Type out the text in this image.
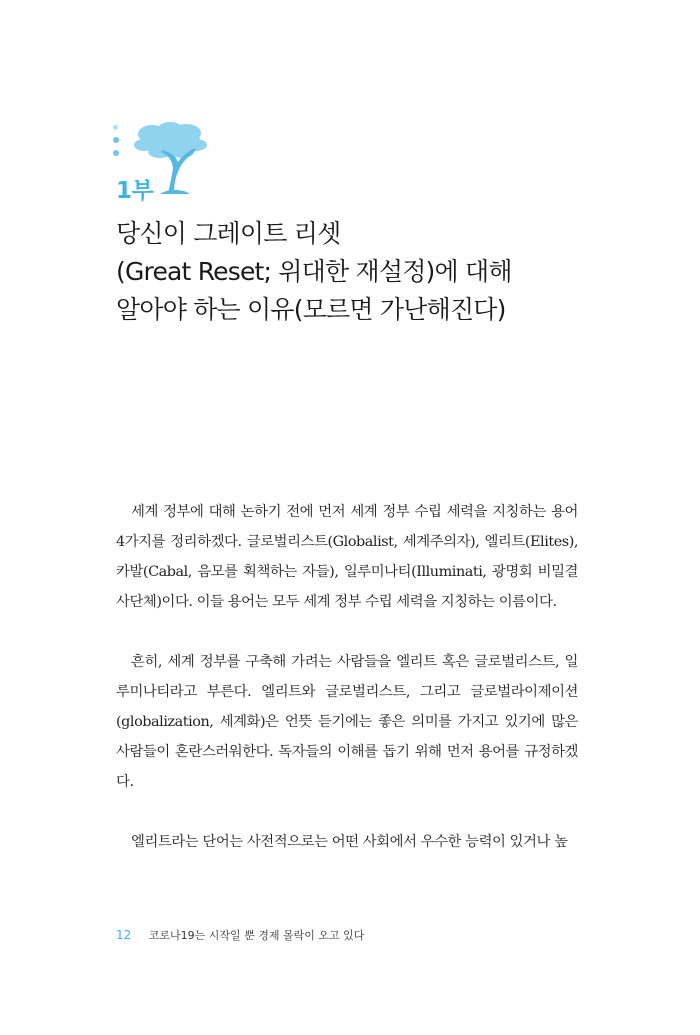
1부
당신이 그레이트 리셋
(Great Reset; 위대한 재설정)에 대해
알아야 하는 이유(모르면 가난해진다)

세계 정부에 대해 논하기 전에 먼저 세계 정부 수립 세력을 지칭하는 용어 4가지를 정리하겠다. 글로벌리스트(Globalist, 세계주의자), 엘리트(Elites), 카발(Cabal, 음모를 획책하는 자들), 일루미나티(Illuminati, 광명회 비밀결사단체)이다. 이들 용어는 모두 세계 정부 수립 세력을 지칭하는 이름이다.

흔히, 세계 정부를 구축해 가려는 사람들을 엘리트 혹은 글로벌리스트, 일루미나티라고 부른다. 엘리트와 글로벌리스트, 그리고 글로벌라이제이션(globalization, 세계화)은 언뜻 듣기에는 좋은 의미를 가지고 있기에 많은 사람들이 혼란스러워한다. 독자들의 이해를 돕기 위해 먼저 용어를 규정하겠다.

엘리트라는 단어는 사전적으로는 어떤 사회에서 우수한 능력이 있거나 높

12 코로나19는 시작일 뿐 경제 몰락이 오고 있다
